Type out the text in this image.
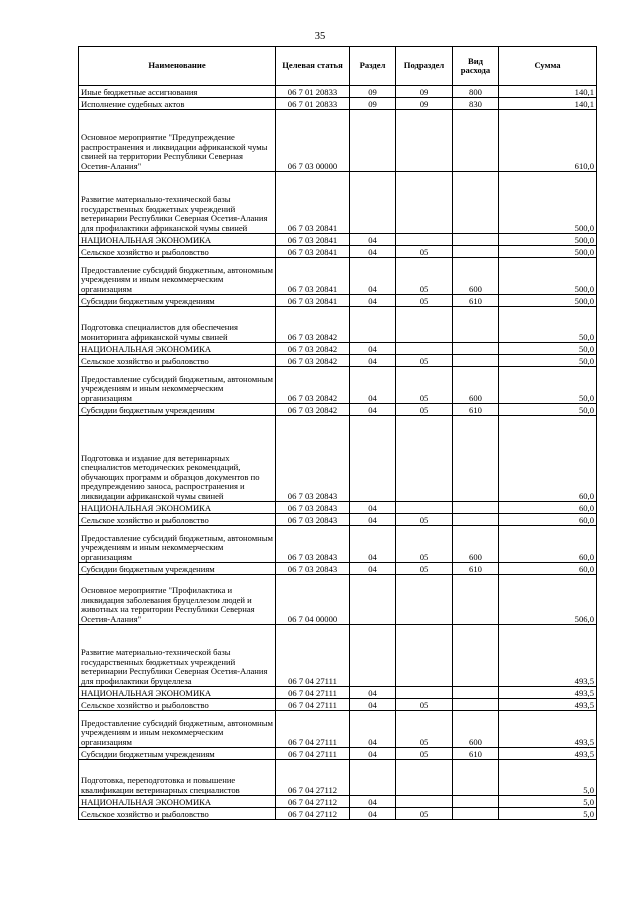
35
Наименование	Целевая статья	Раздел	Подраздел	Вид расхода	Сумма
Иные бюджетные ассигнования	06 7 01 20833	09	09	800	140,1
Исполнение судебных актов	06 7 01 20833	09	09	830	140,1
Основное мероприятие "Предупреждение распространения и ликвидации африканской чумы свиней на территории Республики Северная Осетия-Алания"	06 7 03 00000				610,0
Развитие материально-технической базы государственных бюджетных учреждений ветеринарии Республики Северная Осетия-Алания для профилактики африканской чумы свиней	06 7 03 20841				500,0
НАЦИОНАЛЬНАЯ ЭКОНОМИКА	06 7 03 20841	04			500,0
Сельское хозяйство и рыболовство	06 7 03 20841	04	05		500,0
Предоставление субсидий бюджетным, автономным учреждениям и иным некоммерческим организациям	06 7 03 20841	04	05	600	500,0
Субсидии бюджетным учреждениям	06 7 03 20841	04	05	610	500,0
Подготовка специалистов для обеспечения мониторинга африканской чумы свиней	06 7 03 20842				50,0
НАЦИОНАЛЬНАЯ ЭКОНОМИКА	06 7 03 20842	04			50,0
Сельское хозяйство и рыболовство	06 7 03 20842	04	05		50,0
Предоставление субсидий бюджетным, автономным учреждениям и иным некоммерческим организациям	06 7 03 20842	04	05	600	50,0
Субсидии бюджетным учреждениям	06 7 03 20842	04	05	610	50,0
Подготовка и издание для ветеринарных специалистов методических рекомендаций, обучающих программ и образцов документов по предупреждению заноса, распространения и ликвидации африканской чумы свиней	06 7 03 20843				60,0
НАЦИОНАЛЬНАЯ ЭКОНОМИКА	06 7 03 20843	04			60,0
Сельское хозяйство и рыболовство	06 7 03 20843	04	05		60,0
Предоставление субсидий бюджетным, автономным учреждениям и иным некоммерческим организациям	06 7 03 20843	04	05	600	60,0
Субсидии бюджетным учреждениям	06 7 03 20843	04	05	610	60,0
Основное мероприятие "Профилактика и ликвидация заболевания бруцеллезом людей и животных на территории Республики Северная Осетия-Алания"	06 7 04 00000				506,0
Развитие материально-технической базы государственных бюджетных учреждений ветеринарии Республики Северная Осетия-Алания для профилактики бруцеллеза	06 7 04 27111				493,5
НАЦИОНАЛЬНАЯ ЭКОНОМИКА	06 7 04 27111	04			493,5
Сельское хозяйство и рыболовство	06 7 04 27111	04	05		493,5
Предоставление субсидий бюджетным, автономным учреждениям и иным некоммерческим организациям	06 7 04 27111	04	05	600	493,5
Субсидии бюджетным учреждениям	06 7 04 27111	04	05	610	493,5
Подготовка, переподготовка и повышение квалификации ветеринарных специалистов	06 7 04 27112				5,0
НАЦИОНАЛЬНАЯ ЭКОНОМИКА	06 7 04 27112	04			5,0
Сельское хозяйство и рыболовство	06 7 04 27112	04	05		5,0
